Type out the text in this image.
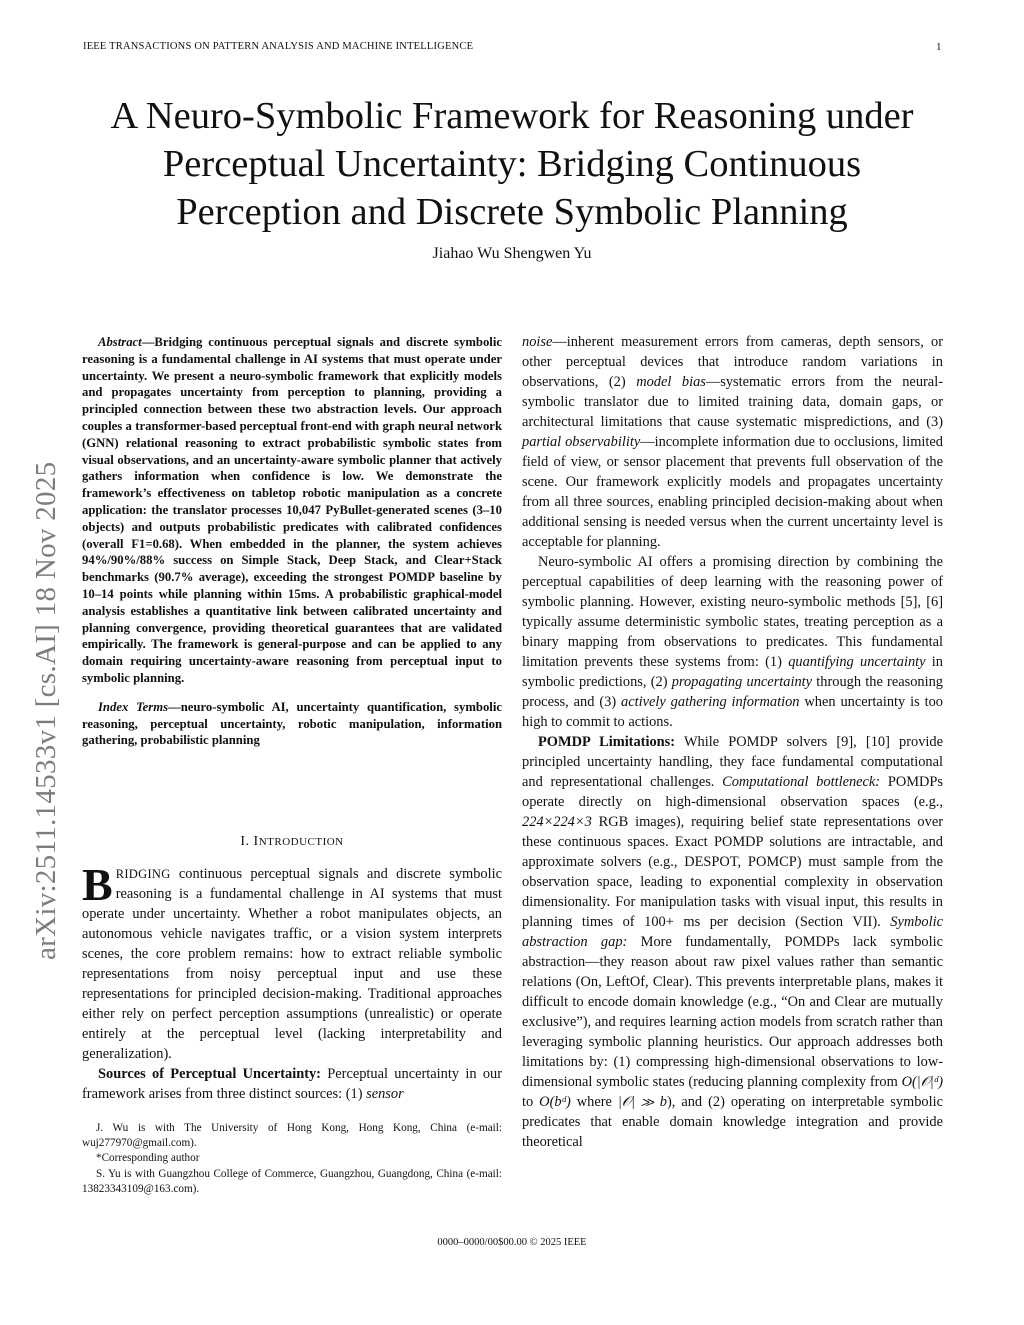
IEEE TRANSACTIONS ON PATTERN ANALYSIS AND MACHINE INTELLIGENCE	1
A Neuro-Symbolic Framework for Reasoning under
Perceptual Uncertainty: Bridging Continuous
Perception and Discrete Symbolic Planning
Jiahao Wu Shengwen Yu
arXiv:2511.14533v1 [cs.AI] 18 Nov 2025

Abstract—Bridging continuous perceptual signals and discrete symbolic reasoning is a fundamental challenge in AI systems that must operate under uncertainty. We present a neuro-symbolic framework that explicitly models and propagates uncertainty from perception to planning, providing a principled connection between these two abstraction levels. Our approach couples a transformer-based perceptual front-end with graph neural network (GNN) relational reasoning to extract probabilistic symbolic states from visual observations, and an uncertainty-aware symbolic planner that actively gathers information when confidence is low. We demonstrate the framework’s effectiveness on tabletop robotic manipulation as a concrete application: the translator processes 10,047 PyBullet-generated scenes (3–10 objects) and outputs probabilistic predicates with calibrated confidences (overall F1=0.68). When embedded in the planner, the system achieves 94%/90%/88% success on Simple Stack, Deep Stack, and Clear+Stack benchmarks (90.7% average), exceeding the strongest POMDP baseline by 10–14 points while planning within 15ms. A probabilistic graphical-model analysis establishes a quantitative link between calibrated uncertainty and planning convergence, providing theoretical guarantees that are validated empirically. The framework is general-purpose and can be applied to any domain requiring uncertainty-aware reasoning from perceptual input to symbolic planning.

Index Terms—neuro-symbolic AI, uncertainty quantification, symbolic reasoning, perceptual uncertainty, robotic manipulation, information gathering, probabilistic planning

I. INTRODUCTION

BRIDGING continuous perceptual signals and discrete symbolic reasoning is a fundamental challenge in AI systems that must operate under uncertainty. Whether a robot manipulates objects, an autonomous vehicle navigates traffic, or a vision system interprets scenes, the core problem remains: how to extract reliable symbolic representations from noisy perceptual input and use these representations for principled decision-making. Traditional approaches either rely on perfect perception assumptions (unrealistic) or operate entirely at the perceptual level (lacking interpretability and generalization).

Sources of Perceptual Uncertainty: Perceptual uncertainty in our framework arises from three distinct sources: (1) sensor

J. Wu is with The University of Hong Kong, Hong Kong, China (e-mail: wuj277970@gmail.com).

*Corresponding author

S. Yu is with Guangzhou College of Commerce, Guangzhou, Guangdong, China (e-mail: 13823343109@163.com).

noise—inherent measurement errors from cameras, depth sensors, or other perceptual devices that introduce random variations in observations, (2) model bias—systematic errors from the neural-symbolic translator due to limited training data, domain gaps, or architectural limitations that cause systematic mispredictions, and (3) partial observability—incomplete information due to occlusions, limited field of view, or sensor placement that prevents full observation of the scene. Our framework explicitly models and propagates uncertainty from all three sources, enabling principled decision-making about when additional sensing is needed versus when the current uncertainty level is acceptable for planning.

Neuro-symbolic AI offers a promising direction by combining the perceptual capabilities of deep learning with the reasoning power of symbolic planning. However, existing neuro-symbolic methods [5], [6] typically assume deterministic symbolic states, treating perception as a binary mapping from observations to predicates. This fundamental limitation prevents these systems from: (1) quantifying uncertainty in symbolic predictions, (2) propagating uncertainty through the reasoning process, and (3) actively gathering information when uncertainty is too high to commit to actions.

POMDP Limitations: While POMDP solvers [9], [10] provide principled uncertainty handling, they face fundamental computational and representational challenges. Computational bottleneck: POMDPs operate directly on high-dimensional observation spaces (e.g., 224×224×3 RGB images), requiring belief state representations over these continuous spaces. Exact POMDP solutions are intractable, and approximate solvers (e.g., DESPOT, POMCP) must sample from the observation space, leading to exponential complexity in observation dimensionality. For manipulation tasks with visual input, this results in planning times of 100+ ms per decision (Section VII). Symbolic abstraction gap: More fundamentally, POMDPs lack symbolic abstraction—they reason about raw pixel values rather than semantic relations (On, LeftOf, Clear). This prevents interpretable plans, makes it difficult to encode domain knowledge (e.g., “On and Clear are mutually exclusive”), and requires learning action models from scratch rather than leveraging symbolic planning heuristics. Our approach addresses both limitations by: (1) compressing high-dimensional observations to low-dimensional symbolic states (reducing planning complexity from O(|𝒪|ᵈ) to O(bᵈ) where |𝒪| ≫ b), and (2) operating on interpretable symbolic predicates that enable domain knowledge integration and provide theoretical

0000–0000/00$00.00 © 2025 IEEE
